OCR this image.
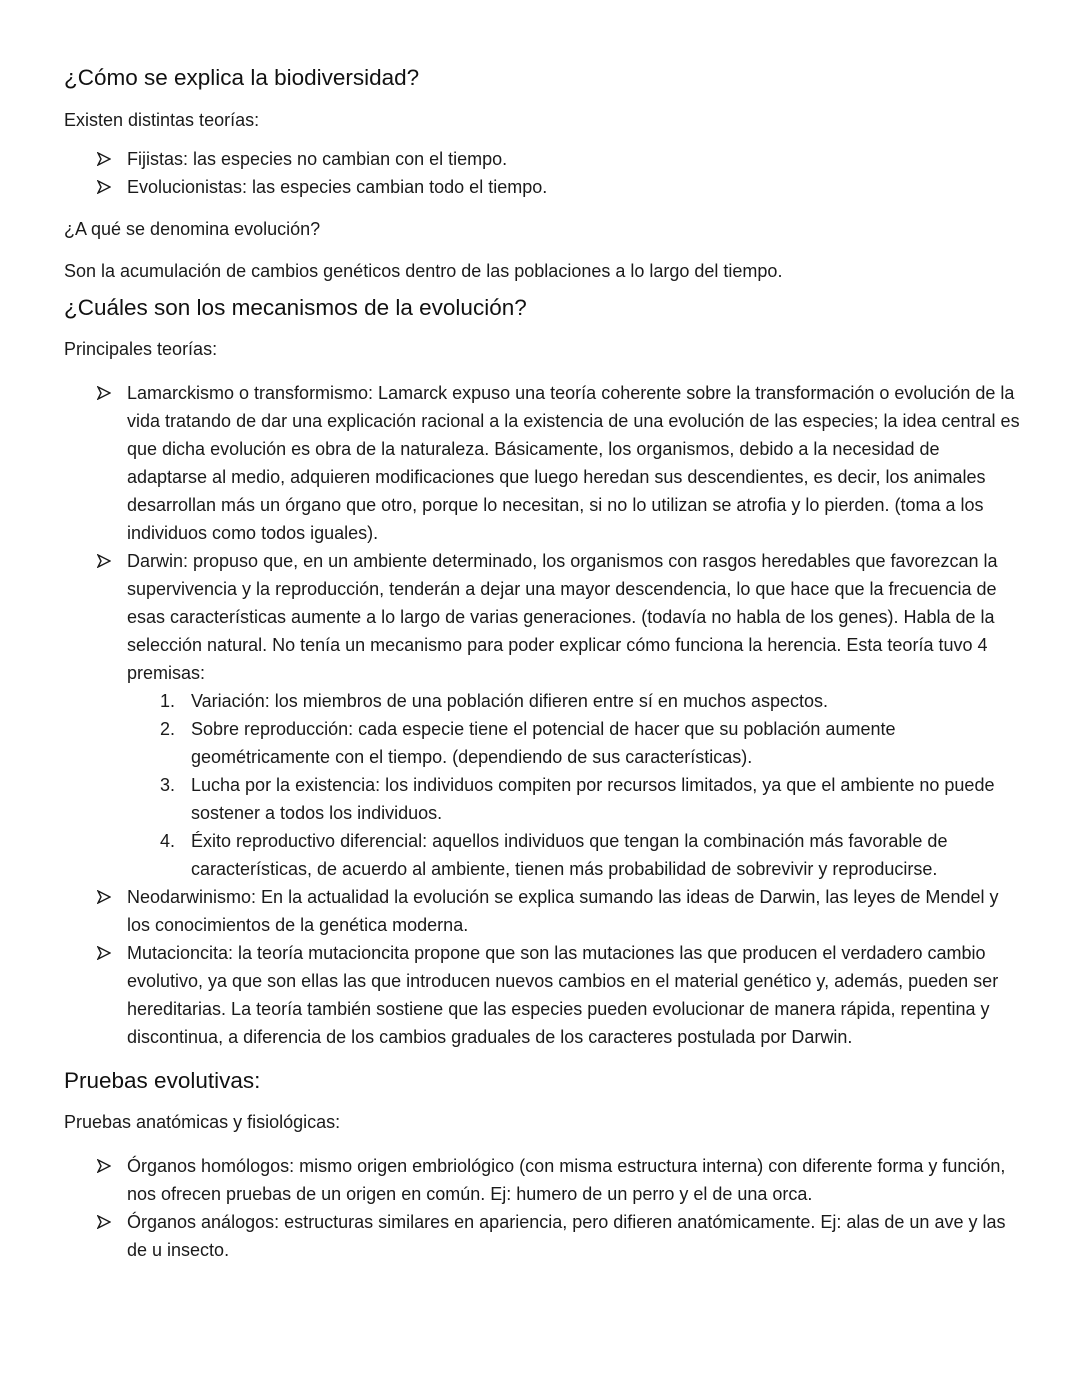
¿Cómo se explica la biodiversidad?

Existen distintas teorías:

Fijistas: las especies no cambian con el tiempo.
Evolucionistas: las especies cambian todo el tiempo.

¿A qué se denomina evolución?

Son la acumulación de cambios genéticos dentro de las poblaciones a lo largo del tiempo.

¿Cuáles son los mecanismos de la evolución?

Principales teorías:

Lamarckismo o transformismo: Lamarck expuso una teoría coherente sobre la transformación o evolución de la vida tratando de dar una explicación racional a la existencia de una evolución de las especies; la idea central es que dicha evolución es obra de la naturaleza. Básicamente, los organismos, debido a la necesidad de adaptarse al medio, adquieren modificaciones que luego heredan sus descendientes, es decir, los animales desarrollan más un órgano que otro, porque lo necesitan, si no lo utilizan se atrofia y lo pierden. (toma a los individuos como todos iguales).
Darwin: propuso que, en un ambiente determinado, los organismos con rasgos heredables que favorezcan la supervivencia y la reproducción, tenderán a dejar una mayor descendencia, lo que hace que la frecuencia de esas características aumente a lo largo de varias generaciones. (todavía no habla de los genes). Habla de la selección natural. No tenía un mecanismo para poder explicar cómo funciona la herencia. Esta teoría tuvo 4 premisas:
1. Variación: los miembros de una población difieren entre sí en muchos aspectos.
2. Sobre reproducción: cada especie tiene el potencial de hacer que su población aumente geométricamente con el tiempo. (dependiendo de sus características).
3. Lucha por la existencia: los individuos compiten por recursos limitados, ya que el ambiente no puede sostener a todos los individuos.
4. Éxito reproductivo diferencial: aquellos individuos que tengan la combinación más favorable de características, de acuerdo al ambiente, tienen más probabilidad de sobrevivir y reproducirse.
Neodarwinismo: En la actualidad la evolución se explica sumando las ideas de Darwin, las leyes de Mendel y los conocimientos de la genética moderna.
Mutacioncita: la teoría mutacioncita propone que son las mutaciones las que producen el verdadero cambio evolutivo, ya que son ellas las que introducen nuevos cambios en el material genético y, además, pueden ser hereditarias. La teoría también sostiene que las especies pueden evolucionar de manera rápida, repentina y discontinua, a diferencia de los cambios graduales de los caracteres postulada por Darwin.
Pruebas evolutivas:

Pruebas anatómicas y fisiológicas:

Órganos homólogos: mismo origen embriológico (con misma estructura interna) con diferente forma y función, nos ofrecen pruebas de un origen en común. Ej: humero de un perro y el de una orca.
Órganos análogos: estructuras similares en apariencia, pero difieren anatómicamente. Ej: alas de un ave y las de u insecto.
